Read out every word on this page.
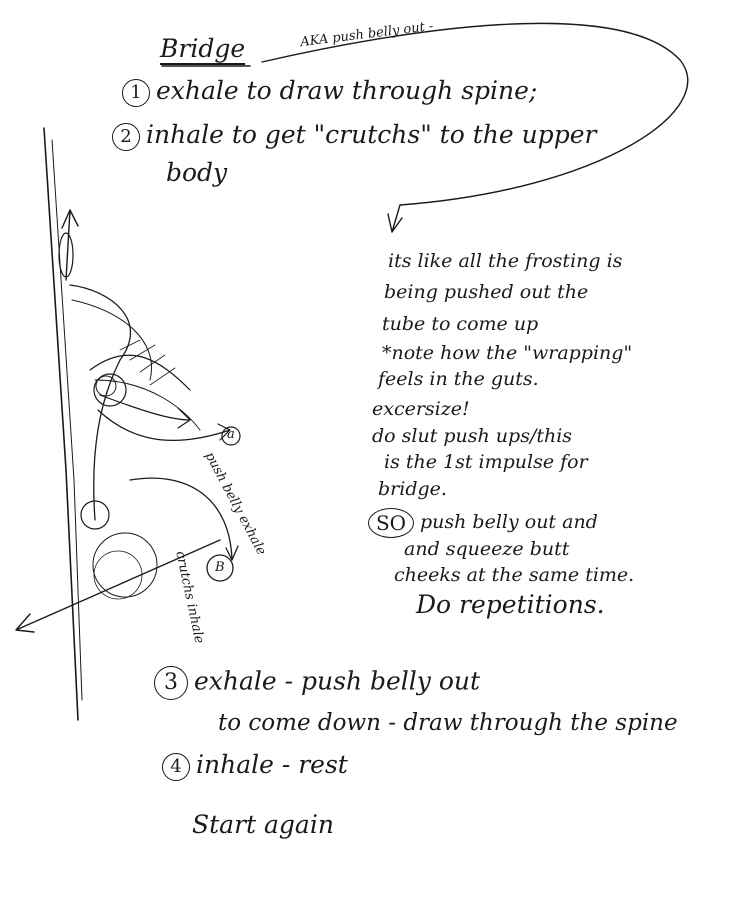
Bridge	AKA push belly out -
1 exhale to draw through spine;
2 inhale to get "crutchs" to the upper
body
its like all the frosting is
being pushed out the
tube to come up
*note how the "wrapping"
feels in the guts.
excersize!
do slut push ups/this
is the 1st impulse for
bridge.
SO push belly out and
and squeeze butt
cheeks at the same time.
Do repetitions.
a
push belly exhale
B
crutchs inhale
3 exhale - push belly out
to come down - draw through the spine
4 inhale - rest
Start again
